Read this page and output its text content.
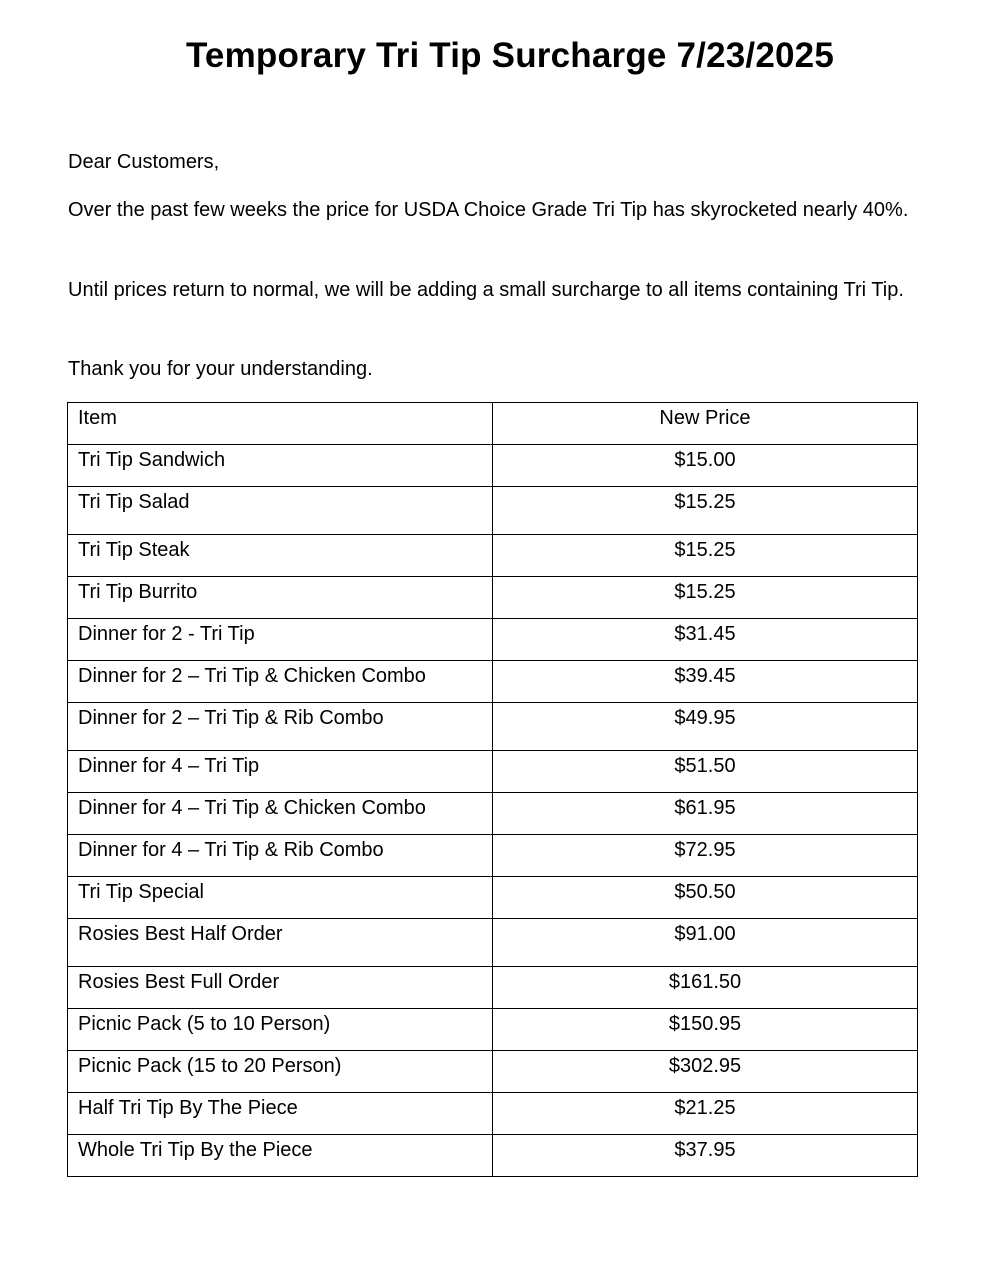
Temporary Tri Tip Surcharge 7/23/2025

Dear Customers,

Over the past few weeks the price for USDA Choice Grade Tri Tip has skyrocketed nearly 40%.

Until prices return to normal, we will be adding a small surcharge to all items containing Tri Tip.

Thank you for your understanding.

Item	New Price
Tri Tip Sandwich	$15.00
Tri Tip Salad	$15.25
Tri Tip Steak	$15.25
Tri Tip Burrito	$15.25
Dinner for 2 - Tri Tip	$31.45
Dinner for 2 – Tri Tip & Chicken Combo	$39.45
Dinner for 2 – Tri Tip & Rib Combo	$49.95
Dinner for 4 – Tri Tip	$51.50
Dinner for 4 – Tri Tip & Chicken Combo	$61.95
Dinner for 4 – Tri Tip & Rib Combo	$72.95
Tri Tip Special	$50.50
Rosies Best Half Order	$91.00
Rosies Best Full Order	$161.50
Picnic Pack (5 to 10 Person)	$150.95
Picnic Pack (15 to 20 Person)	$302.95
Half Tri Tip By The Piece	$21.25
Whole Tri Tip By the Piece	$37.95
